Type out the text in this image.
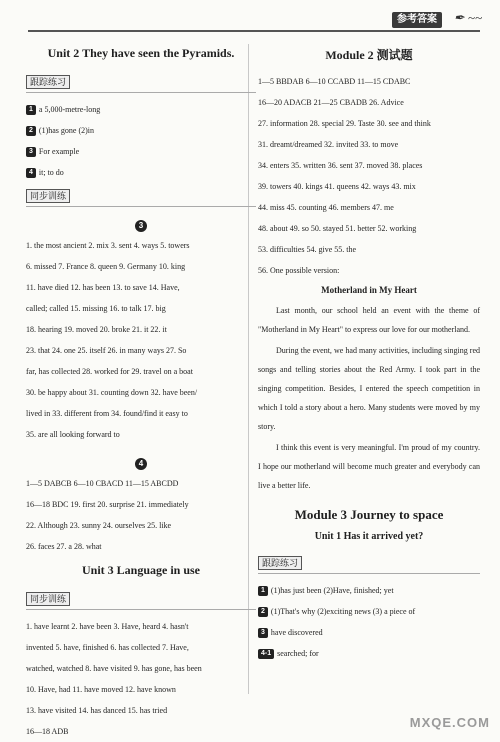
参考答案	✒ ~~
Unit 2 They have seen the Pyramids.
跟踪练习
1 a 5,000-metre-long
2 (1)has gone (2)in
3 For example
4 it; to do
同步训练
3
1. the most ancient 2. mix 3. sent 4. ways 5. towers
6. missed 7. France 8. queen 9. Germany 10. king
11. have died 12. has been 13. to save 14. Have,
called; called 15. missing 16. to talk 17. big
18. hearing 19. moved 20. broke 21. it 22. it
23. that 24. one 25. itself 26. in many ways 27. So
far, has collected 28. worked for 29. travel on a boat
30. be happy about 31. counting down 32. have been/
lived in 33. different from 34. found/find it easy to
35. are all looking forward to
4
1—5 DABCB 6—10 CBACD 11—15 ABCDD
16—18 BDC 19. first 20. surprise 21. immediately
22. Although 23. sunny 24. ourselves 25. like
26. faces 27. a 28. what
Unit 3 Language in use
同步训练
1. have learnt 2. have been 3. Have, heard 4. hasn't
invented 5. have, finished 6. has collected 7. Have,
watched, watched 8. have visited 9. has gone, has been
10. Have, had 11. have moved 12. have known
13. have visited 14. has danced 15. has tried
16—18 ADB
Module 2 测试题
1—5 BBDAB 6—10 CCABD 11—15 CDABC
16—20 ADACB 21—25 CBADB 26. Advice
27. information 28. special 29. Taste 30. see and think
31. dreamt/dreamed 32. invited 33. to move
34. enters 35. written 36. sent 37. moved 38. places
39. towers 40. kings 41. queens 42. ways 43. mix
44. miss 45. counting 46. members 47. me
48. about 49. so 50. stayed 51. better 52. working
53. difficulties 54. give 55. the
56. One possible version:
Motherland in My Heart

Last month, our school held an event with the theme of "Motherland in My Heart" to express our love for our motherland.

During the event, we had many activities, including singing red songs and telling stories about the Red Army. I took part in the singing competition. Besides, I entered the speech competition in which I told a story about a hero. Many students were moved by my story.

I think this event is very meaningful. I'm proud of my country. I hope our motherland will become much greater and everybody can live a better life.

Module 3 Journey to space
Unit 1 Has it arrived yet?
跟踪练习
1 (1)has just been (2)Have, finished; yet
2 (1)That's why (2)exciting news (3) a piece of
3 have discovered
4-1 searched; for
MXQE.COM
